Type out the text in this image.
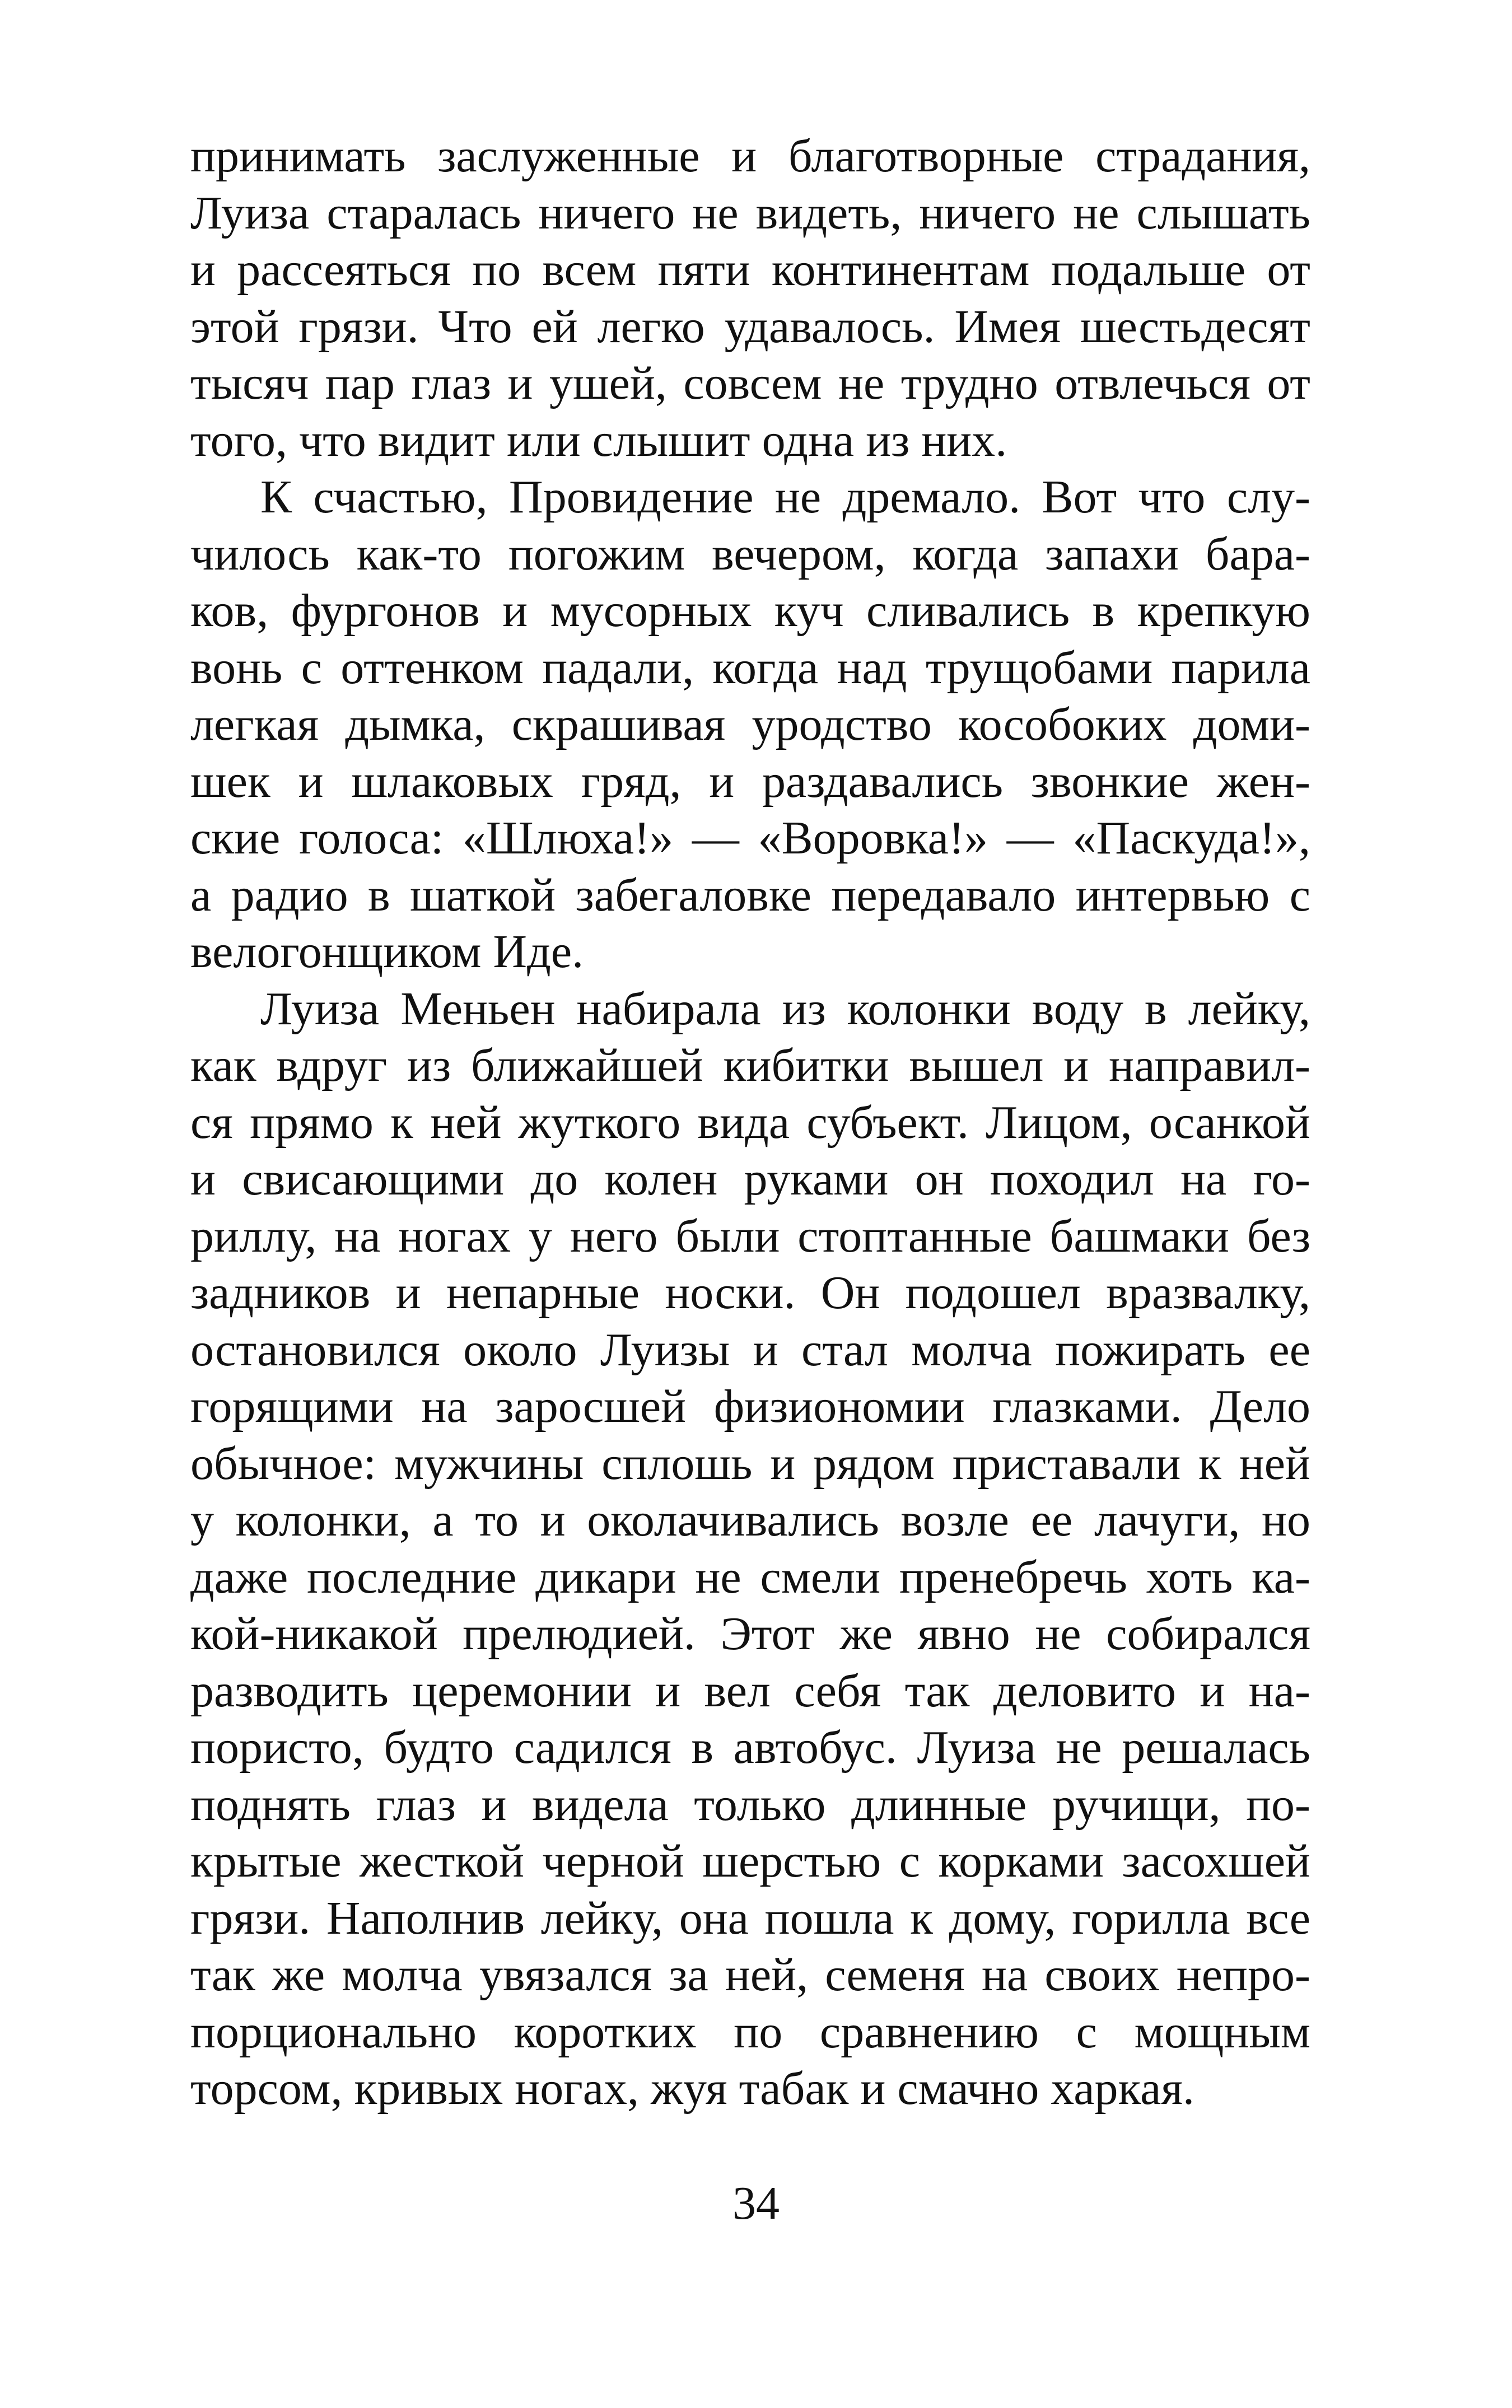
принимать заслуженные и благотворные страдания,
Луиза старалась ничего не видеть, ничего не слышать
и рассеяться по всем пяти континентам подальше от
этой грязи. Что ей легко удавалось. Имея шестьдесят
тысяч пар глаз и ушей, совсем не трудно отвлечься от
того, что видит или слышит одна из них.
К счастью, Провидение не дремало. Вот что слу-
чилось как-то погожим вечером, когда запахи бара-
ков, фургонов и мусорных куч сливались в крепкую
вонь с оттенком падали, когда над трущобами парила
легкая дымка, скрашивая уродство кособоких доми-
шек и шлаковых гряд, и раздавались звонкие жен-
ские голоса: «Шлюха!» — «Воровка!» — «Паскуда!»,
а радио в шаткой забегаловке передавало интервью с
велогонщиком Иде.
Луиза Меньен набирала из колонки воду в лейку,
как вдруг из ближайшей кибитки вышел и направил-
ся прямо к ней жуткого вида субъект. Лицом, осанкой
и свисающими до колен руками он походил на го-
риллу, на ногах у него были стоптанные башмаки без
задников и непарные носки. Он подошел вразвалку,
остановился около Луизы и стал молча пожирать ее
горящими на заросшей физиономии глазками. Дело
обычное: мужчины сплошь и рядом приставали к ней
у колонки, а то и околачивались возле ее лачуги, но
даже последние дикари не смели пренебречь хоть ка-
кой-никакой прелюдией. Этот же явно не собирался
разводить церемонии и вел себя так деловито и на-
пористо, будто садился в автобус. Луиза не решалась
поднять глаз и видела только длинные ручищи, по-
крытые жесткой черной шерстью с корками засохшей
грязи. Наполнив лейку, она пошла к дому, горилла все
так же молча увязался за ней, семеня на своих непро-
порционально коротких по сравнению с мощным
торсом, кривых ногах, жуя табак и смачно харкая.
34
